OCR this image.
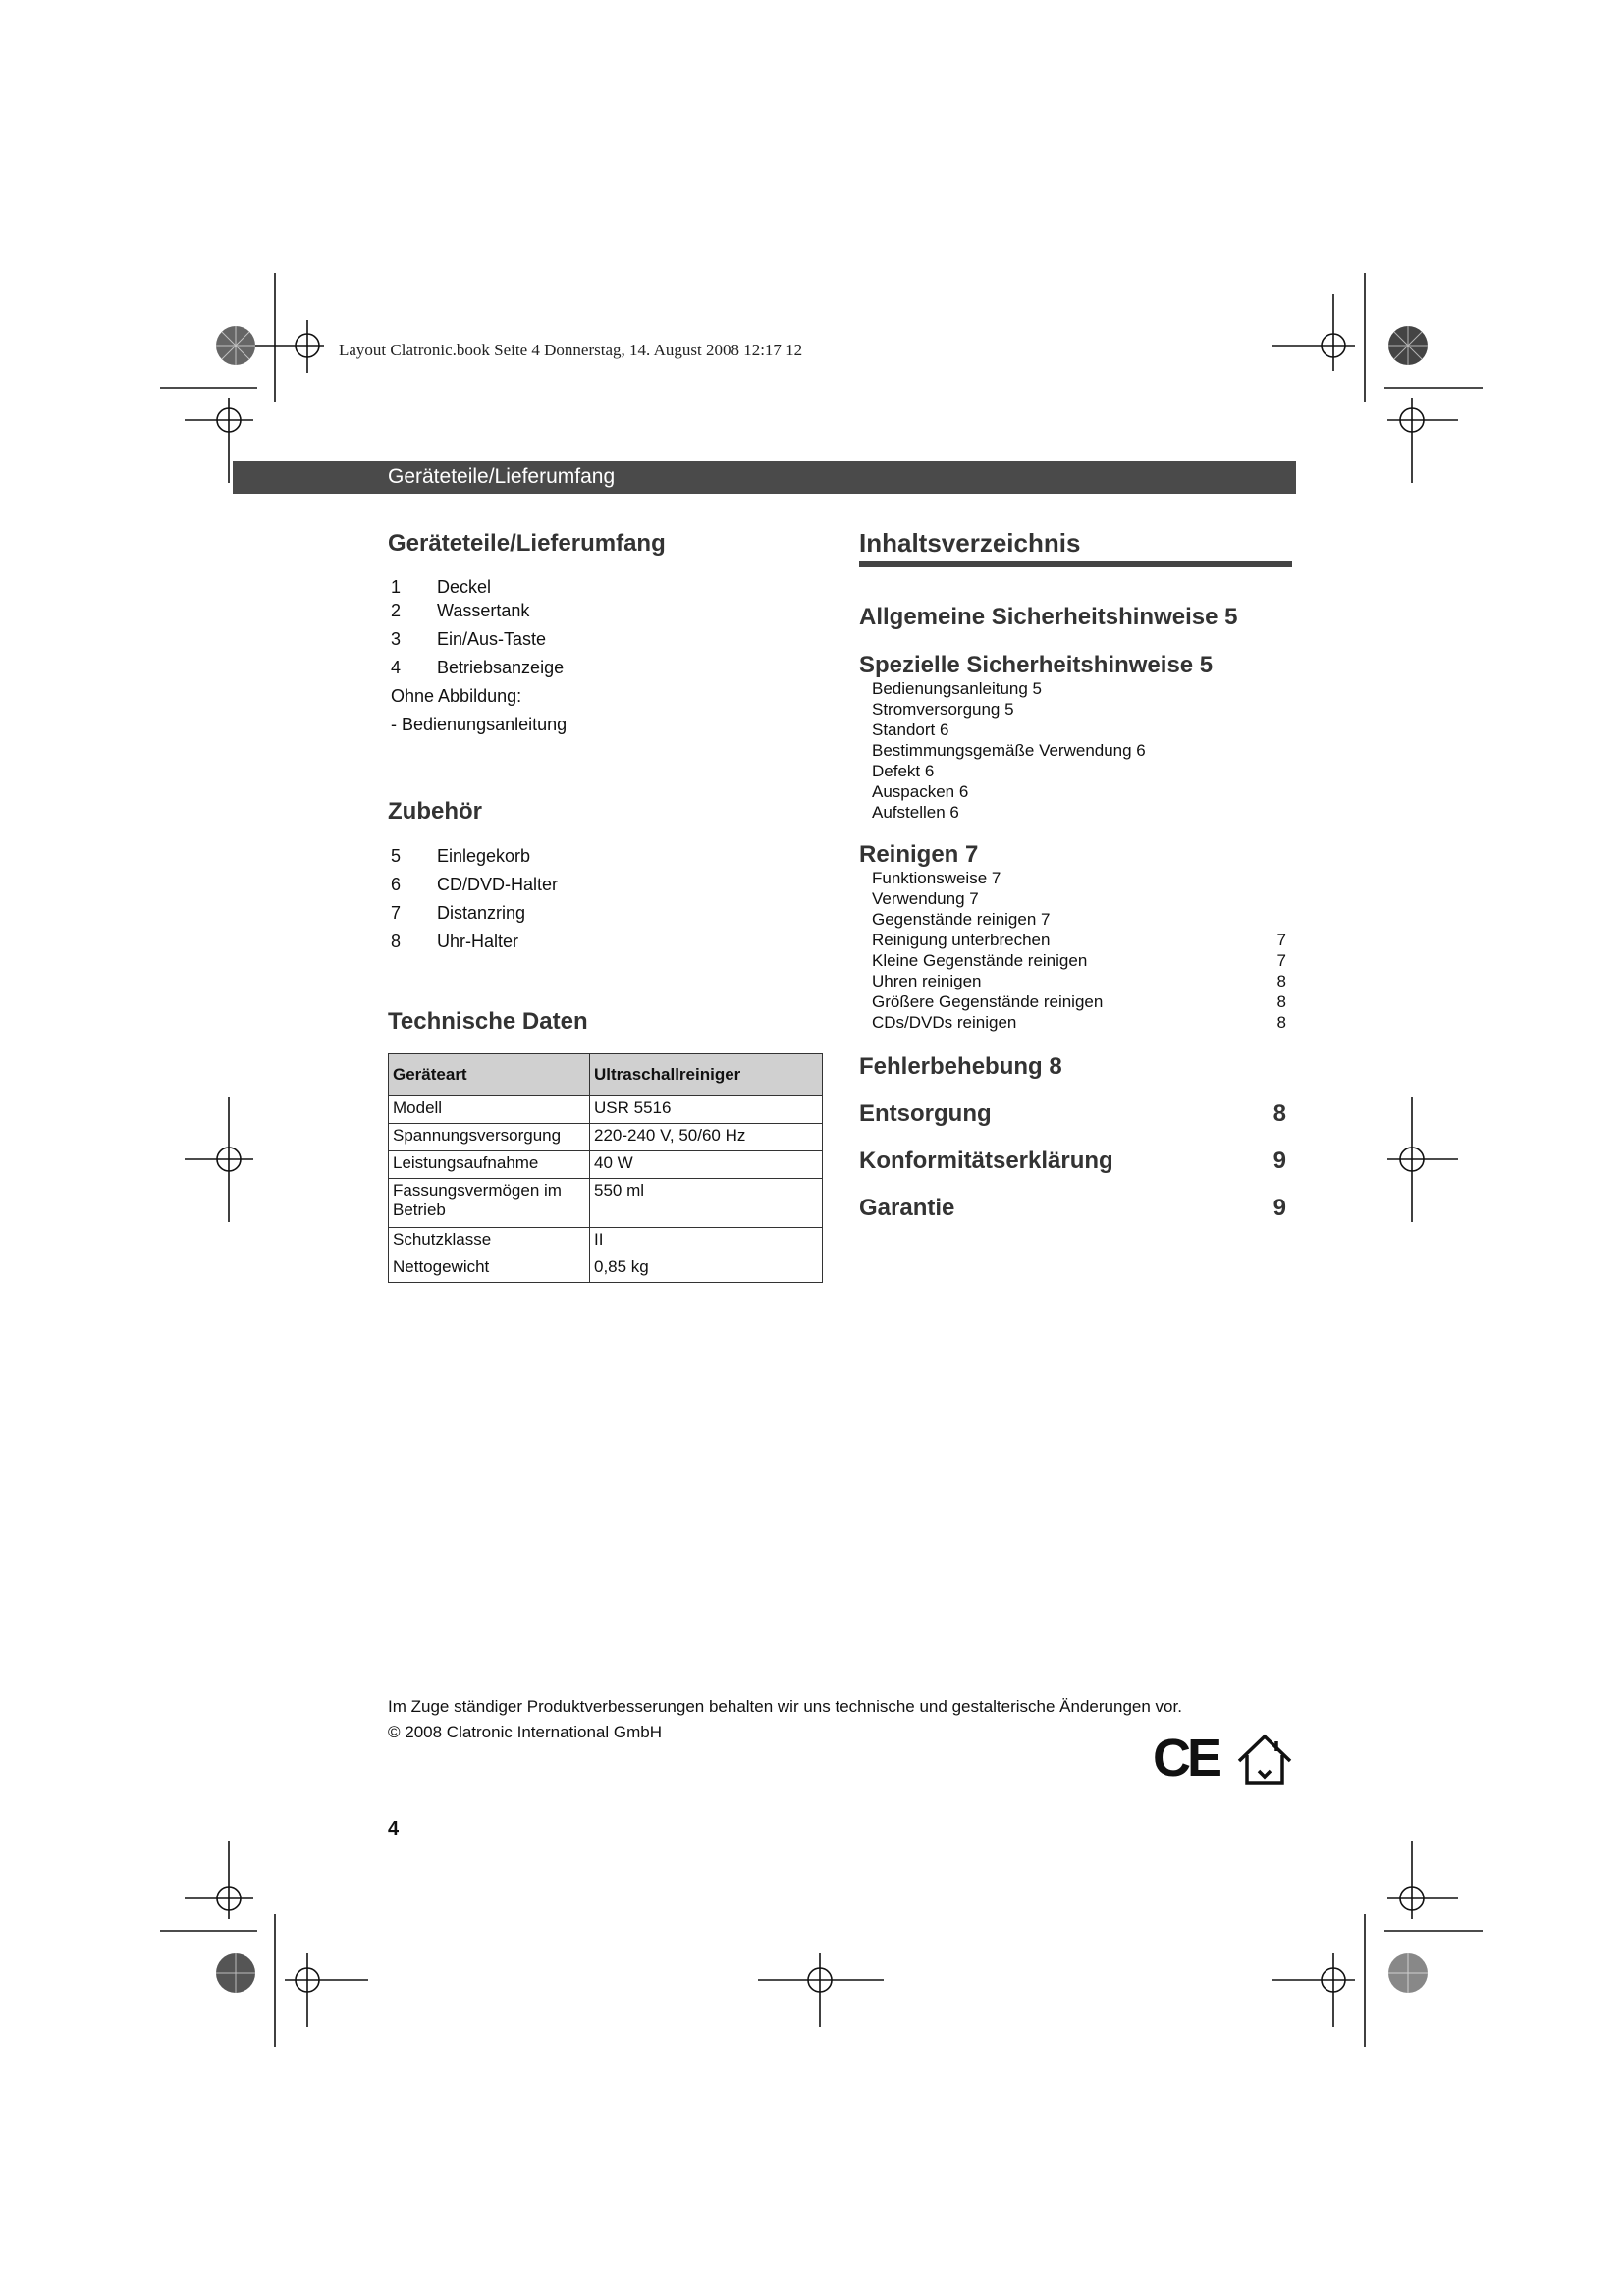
Layout Clatronic.book Seite 4 Donnerstag, 14. August 2008 12:17 12
Geräteteile/Lieferumfang
Geräteteile/Lieferumfang
1 Deckel
2 Wassertank
3 Ein/Aus-Taste
4 Betriebsanzeige
Ohne Abbildung:
- Bedienungsanleitung
Zubehör
5 Einlegekorb
6 CD/DVD-Halter
7 Distanzring
8 Uhr-Halter
Technische Daten
Geräteart	Ultraschallreiniger
Modell	USR 5516
Spannungsversorgung	220-240 V, 50/60 Hz
Leistungsaufnahme	40 W
Fassungsvermögen im Betrieb	550 ml
Schutzklasse	II
Nettogewicht	0,85 kg
Inhaltsverzeichnis
Allgemeine Sicherheitshinweise 5
Spezielle Sicherheitshinweise 5
Bedienungsanleitung 5
Stromversorgung 5
Standort 6
Bestimmungsgemäße Verwendung 6
Defekt 6
Auspacken 6
Aufstellen 6
Reinigen 7
Funktionsweise 7
Verwendung 7
Gegenstände reinigen 7
Reinigung unterbrechen	7
Kleine Gegenstände reinigen	7
Uhren reinigen	8
Größere Gegenstände reinigen	8
CDs/DVDs reinigen	8
Fehlerbehebung 8
Entsorgung	8
Konformitätserklärung	9
Garantie	9
Im Zuge ständiger Produktverbesserungen behalten wir uns technische und gestalterische Änderungen vor.
© 2008 Clatronic International GmbH	CE
4
